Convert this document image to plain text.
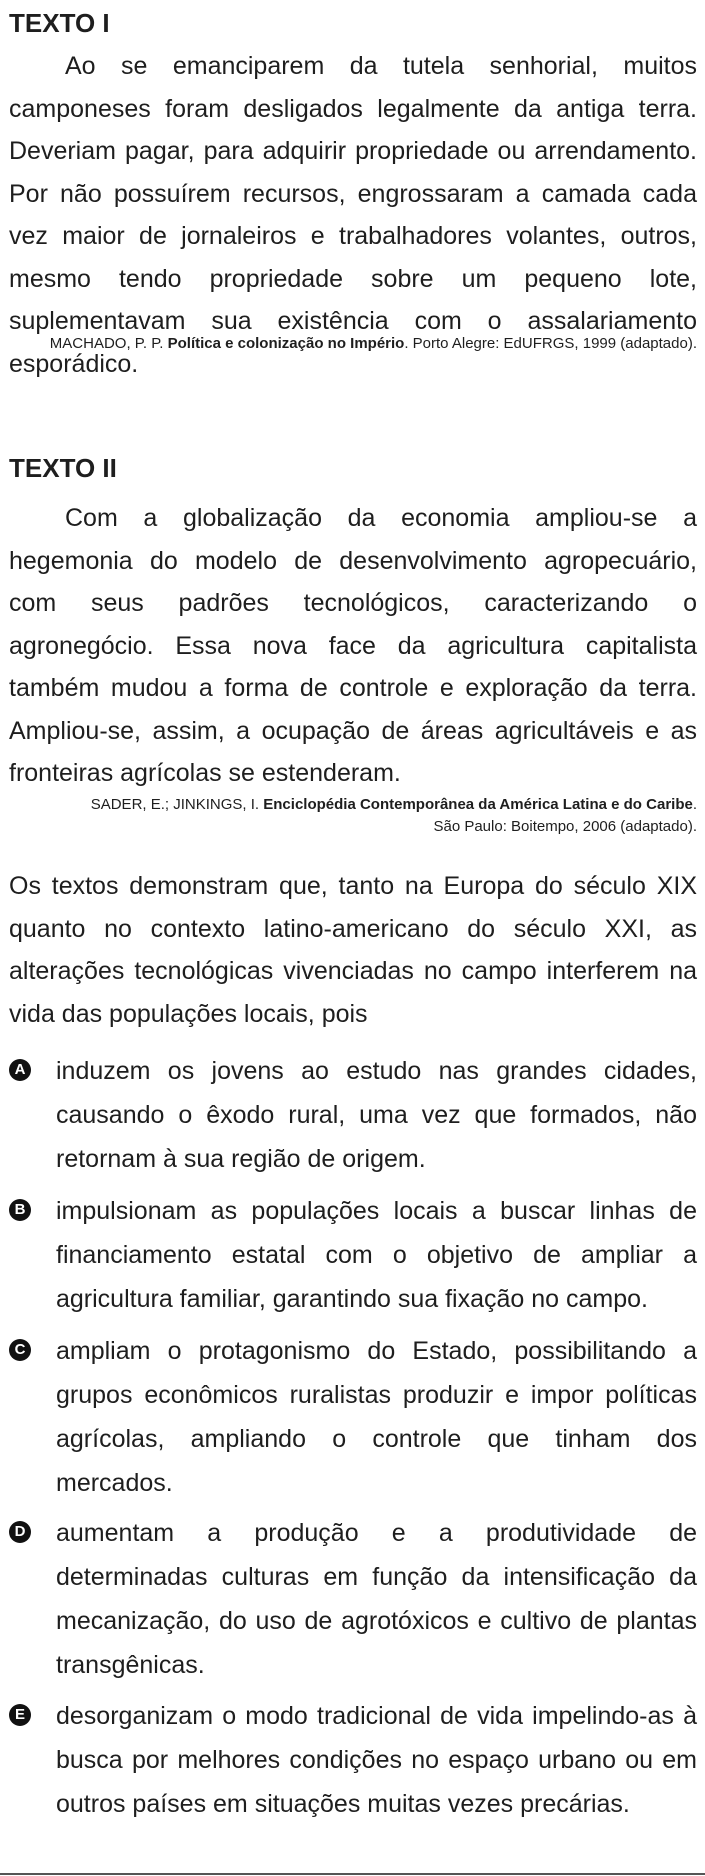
TEXTO I

Ao se emanciparem da tutela senhorial, muitos camponeses foram desligados legalmente da antiga terra. Deveriam pagar, para adquirir propriedade ou arrendamento. Por não possuírem recursos, engrossaram a camada cada vez maior de jornaleiros e trabalhadores volantes, outros, mesmo tendo propriedade sobre um pequeno lote, suplementavam sua existência com o assalariamento esporádico.

MACHADO, P. P. Política e colonização no Império. Porto Alegre: EdUFRGS, 1999 (adaptado).

TEXTO II

Com a globalização da economia ampliou-se a hegemonia do modelo de desenvolvimento agropecuário, com seus padrões tecnológicos, caracterizando o agronegócio. Essa nova face da agricultura capitalista também mudou a forma de controle e exploração da terra. Ampliou-se, assim, a ocupação de áreas agricultáveis e as fronteiras agrícolas se estenderam.

SADER, E.; JINKINGS, I. Enciclopédia Contemporânea da América Latina e do Caribe.
São Paulo: Boitempo, 2006 (adaptado).

Os textos demonstram que, tanto na Europa do século XIX quanto no contexto latino-americano do século XXI, as alterações tecnológicas vivenciadas no campo interferem na vida das populações locais, pois

A induzem os jovens ao estudo nas grandes cidades, causando o êxodo rural, uma vez que formados, não retornam à sua região de origem.

B impulsionam as populações locais a buscar linhas de financiamento estatal com o objetivo de ampliar a agricultura familiar, garantindo sua fixação no campo.

C ampliam o protagonismo do Estado, possibilitando a grupos econômicos ruralistas produzir e impor políticas agrícolas, ampliando o controle que tinham dos mercados.

D aumentam a produção e a produtividade de determinadas culturas em função da intensificação da mecanização, do uso de agrotóxicos e cultivo de plantas transgênicas.

E desorganizam o modo tradicional de vida impelindo-as à busca por melhores condições no espaço urbano ou em outros países em situações muitas vezes precárias.
